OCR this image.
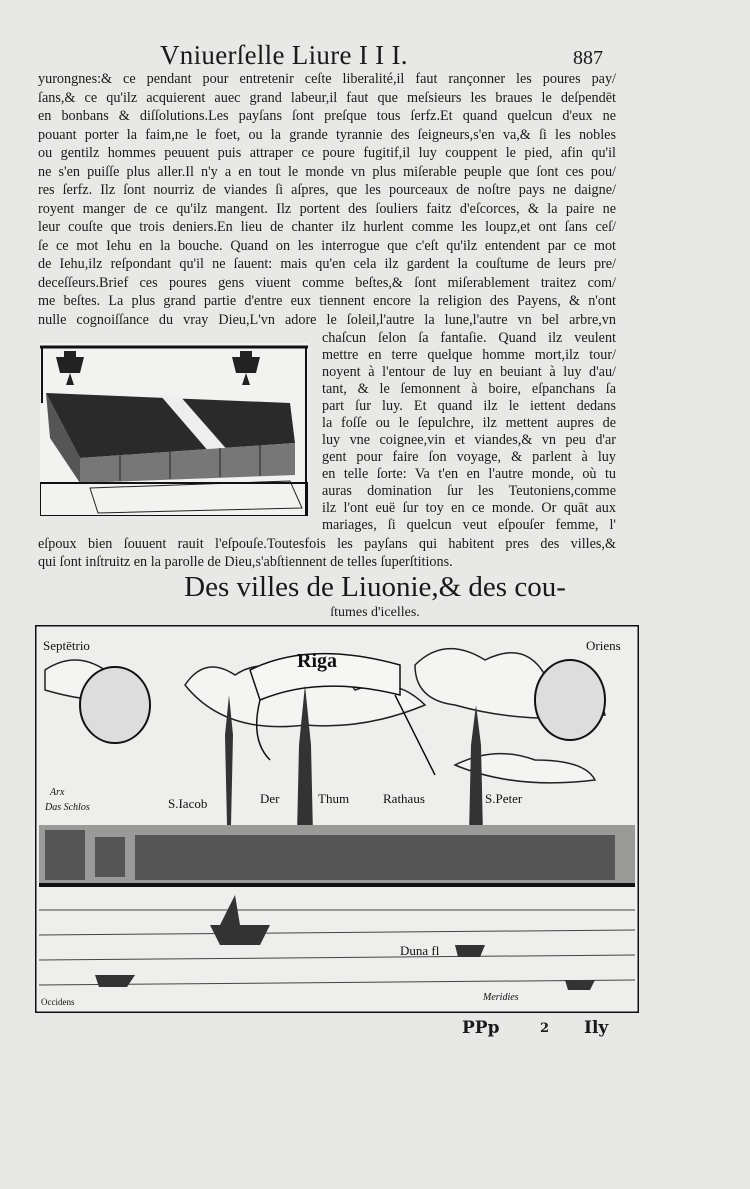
Vniuerſelle Liure I I I.	887
yurongnes:& ce pendant pour entretenir ceſte liberalité,il faut rançonner les poures pay/
ſans,& ce qu'ilz acquierent auec grand labeur,il faut que meſsieurs les braues le deſpendēt
en bonbans & diſſolutions.Les payſans ſont preſque tous ſerfz.Et quand quelcun d'eux ne
pouant porter la faim,ne le foet, ou la grande tyrannie des ſeigneurs,s'en va,& ſi les nobles
ou gentilz hommes peuuent puis attraper ce poure fugitif,il luy couppent le pied, afin qu'il
ne s'en puiſſe plus aller.Il n'y a en tout le monde vn plus miſerable peuple que ſont ces pou/
res ſerfz. Ilz ſont nourriz de viandes ſi aſpres, que les pourceaux de noſtre pays ne daigne/
royent manger de ce qu'ilz mangent. Ilz portent des ſouliers faitz d'eſcorces, & la paire ne
leur couſte que trois deniers.En lieu de chanter ilz hurlent comme les loupz,et ont ſans ceſ/
ſe ce mot Iehu en la bouche. Quand on les interrogue que c'eſt qu'ilz entendent par ce mot
de Iehu,ilz reſpondant qu'il ne ſauent: mais qu'en cela ilz gardent la couſtume de leurs pre/
deceſſeurs.Brief ces poures gens viuent comme beſtes,& ſont miſerablement traitez com/
me beſtes. La plus grand partie d'entre eux tiennent encore la religion des Payens, & n'ont
nulle cognoiſſance du vray Dieu,L'vn adore le ſoleil,l'autre la lune,l'autre vn bel arbre,vn
chaſcun ſelon ſa fantaſie. Quand ilz veulent
mettre en terre quelque homme mort,ilz tour/
noyent à l'entour de luy en beuiant à luy d'au/
tant, & le ſemonnent à boire, eſpanchans ſa
part ſur luy. Et quand ilz le iettent dedans
la foſſe ou le ſepulchre, ilz mettent aupres de
luy vne coignee,vin et viandes,& vn peu d'ar
gent pour faire ſon voyage, & parlent à luy
en telle ſorte: Va t'en en l'autre monde, où tu
auras domination ſur les Teutoniens,comme
ilz l'ont euë ſur toy en ce monde. Or quāt aux
mariages, ſi quelcun veut eſpouſer femme, l'
eſpoux bien ſouuent rauit l'eſpouſe.Toutesfois les payſans qui habitent pres des villes,&
qui ſont inſtruitz en la parolle de Dieu,s'abſtiennent de telles ſuperſtitions.
Des villes de Liuonie,& des cou-
ſtumes d'icelles.
Septētrio	Oriens
Riga
Arx
Das Schlos	S.Iacob	Der	Thum	Rathaus	S.Peter
Duna fl
Occidens	Meridies
PPp	2 Ily
